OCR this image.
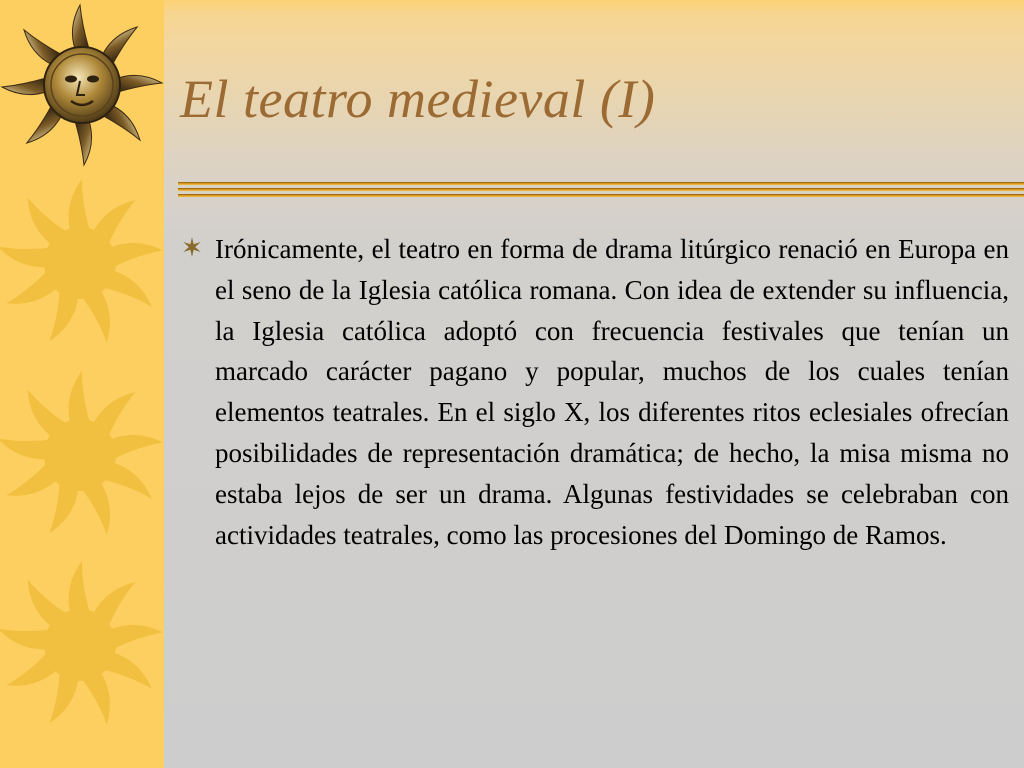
El teatro medieval (I)

Irónicamente, el teatro en forma de drama litúrgico renació en Europa en el seno de la Iglesia católica romana. Con idea de extender su influencia, la Iglesia católica adoptó con frecuencia festivales que tenían un marcado carácter pagano y popular, muchos de los cuales tenían elementos teatrales. En el siglo X, los diferentes ritos eclesiales ofrecían posibilidades de representación dramática; de hecho, la misa misma no estaba lejos de ser un drama. Algunas festividades se celebraban con actividades teatrales, como las procesiones del Domingo de Ramos.
